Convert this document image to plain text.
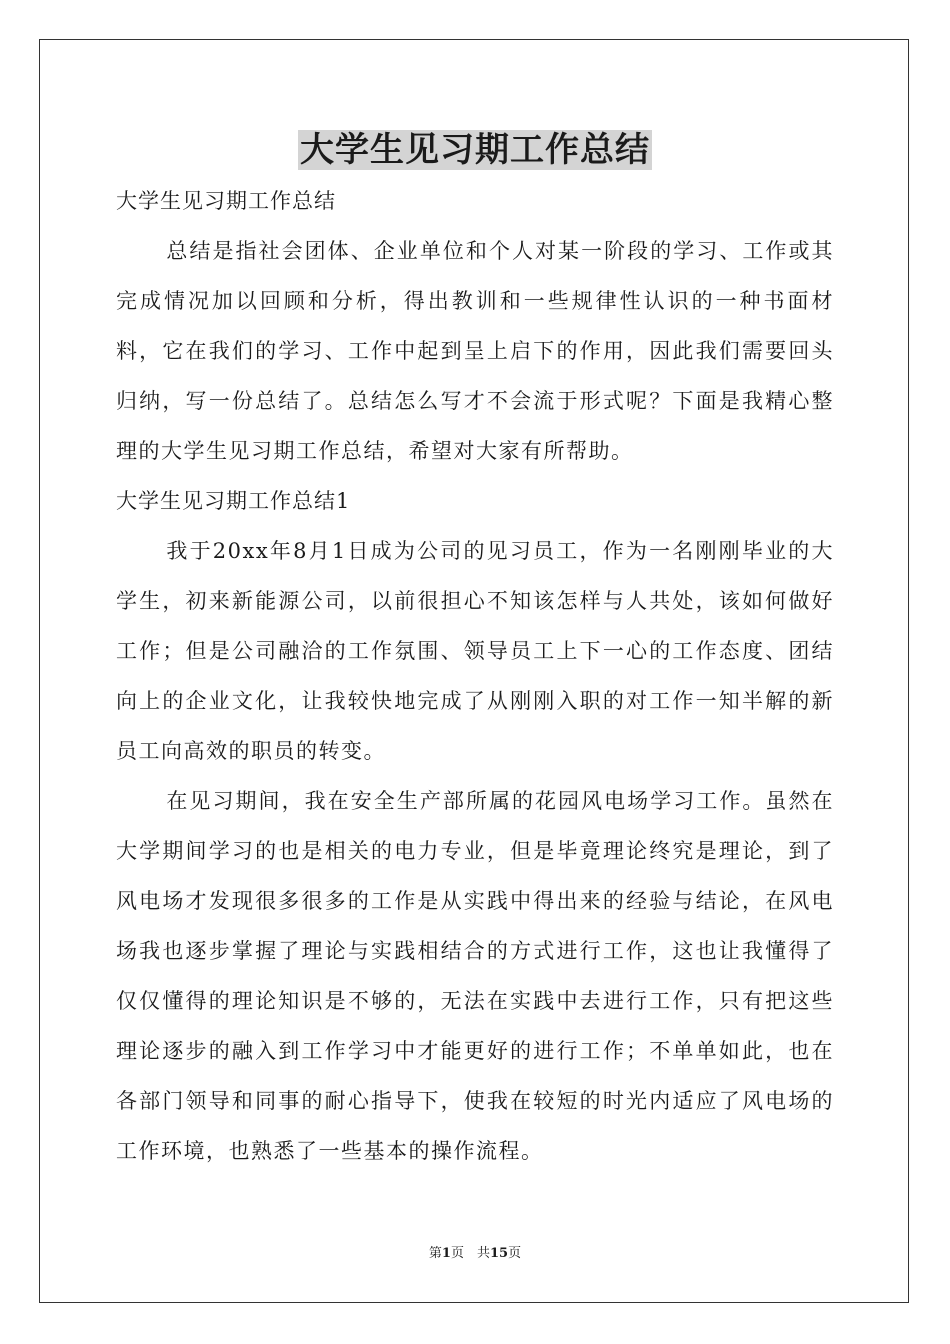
大学生见习期工作总结

大学生见习期工作总结

总结是指社会团体、企业单位和个人对某一阶段的学习、工作或其完成情况加以回顾和分析，得出教训和一些规律性认识的一种书面材料，它在我们的学习、工作中起到呈上启下的作用，因此我们需要回头归纳，写一份总结了。总结怎么写才不会流于形式呢？下面是我精心整理的大学生见习期工作总结，希望对大家有所帮助。

大学生见习期工作总结1

我于20xx年8月1日成为公司的见习员工，作为一名刚刚毕业的大学生，初来新能源公司，以前很担心不知该怎样与人共处，该如何做好工作；但是公司融洽的工作氛围、领导员工上下一心的工作态度、团结向上的企业文化，让我较快地完成了从刚刚入职的对工作一知半解的新员工向高效的职员的转变。

在见习期间，我在安全生产部所属的花园风电场学习工作。虽然在大学期间学习的也是相关的电力专业，但是毕竟理论终究是理论，到了风电场才发现很多很多的工作是从实践中得出来的经验与结论，在风电场我也逐步掌握了理论与实践相结合的方式进行工作，这也让我懂得了仅仅懂得的理论知识是不够的，无法在实践中去进行工作，只有把这些理论逐步的融入到工作学习中才能更好的进行工作；不单单如此，也在各部门领导和同事的耐心指导下，使我在较短的时光内适应了风电场的工作环境，也熟悉了一些基本的操作流程。

第1页　共15页
